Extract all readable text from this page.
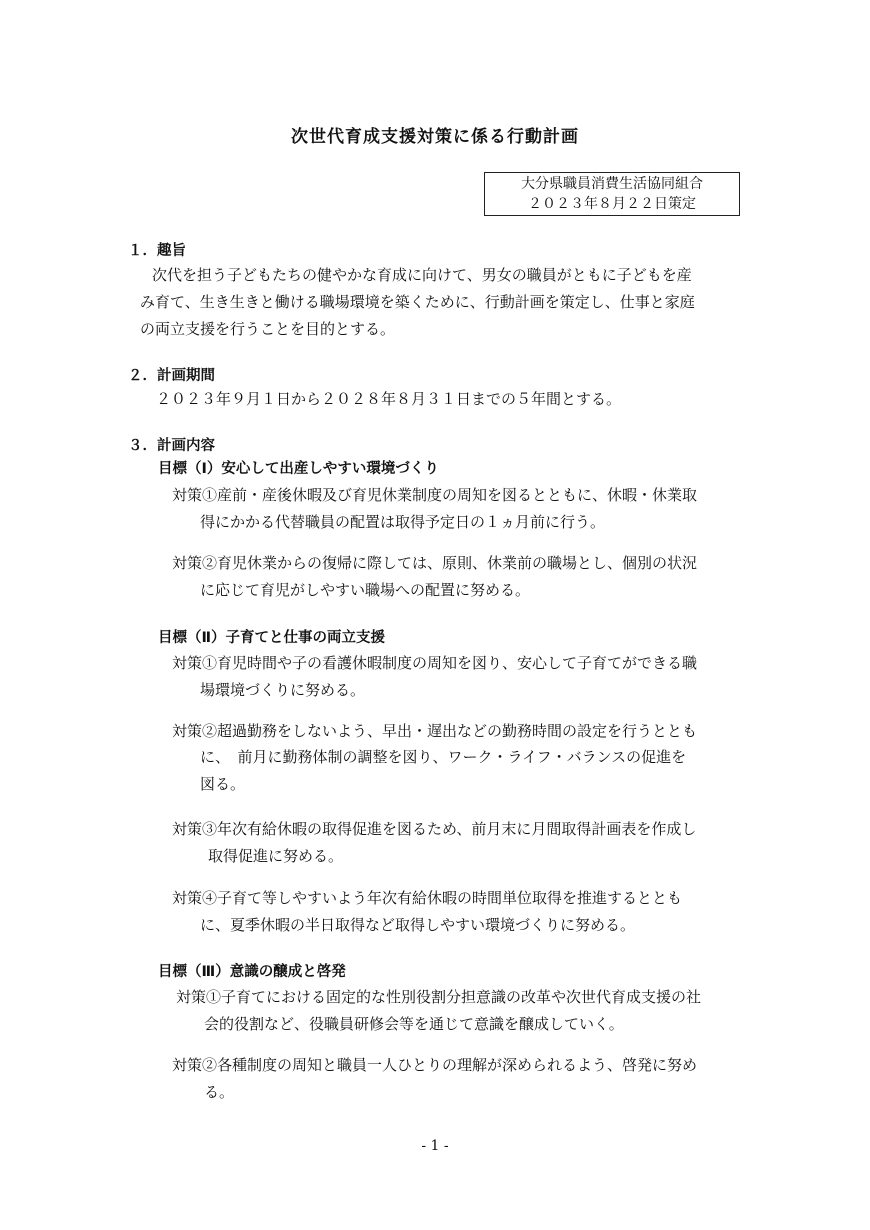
次世代育成支援対策に係る行動計画
大分県職員消費生活協同組合
２０２３年８月２２日策定
１．趣旨
次代を担う子どもたちの健やかな育成に向けて、男女の職員がともに子どもを産
み育て、生き生きと働ける職場環境を築くために、行動計画を策定し、仕事と家庭
の両立支援を行うことを目的とする。
２．計画期間
２０２３年９月１日から２０２８年８月３１日までの５年間とする。
３．計画内容
目標（Ⅰ）安心して出産しやすい環境づくり
対策①産前・産後休暇及び育児休業制度の周知を図るとともに、休暇・休業取
得にかかる代替職員の配置は取得予定日の１ヵ月前に行う。
対策②育児休業からの復帰に際しては、原則、休業前の職場とし、個別の状況
に応じて育児がしやすい職場への配置に努める。
目標（Ⅱ）子育てと仕事の両立支援
対策①育児時間や子の看護休暇制度の周知を図り、安心して子育てができる職
場環境づくりに努める。
対策②超過勤務をしないよう、早出・遅出などの勤務時間の設定を行うととも
に、　前月に勤務体制の調整を図り、ワーク・ライフ・バランスの促進を
図る。
対策③年次有給休暇の取得促進を図るため、前月末に月間取得計画表を作成し
取得促進に努める。
対策④子育て等しやすいよう年次有給休暇の時間単位取得を推進するととも
に、夏季休暇の半日取得など取得しやすい環境づくりに努める。
目標（Ⅲ）意識の醸成と啓発
対策①子育てにおける固定的な性別役割分担意識の改革や次世代育成支援の社
会的役割など、役職員研修会等を通じて意識を醸成していく。
対策②各種制度の周知と職員一人ひとりの理解が深められるよう、啓発に努め
る。
- 1 -
